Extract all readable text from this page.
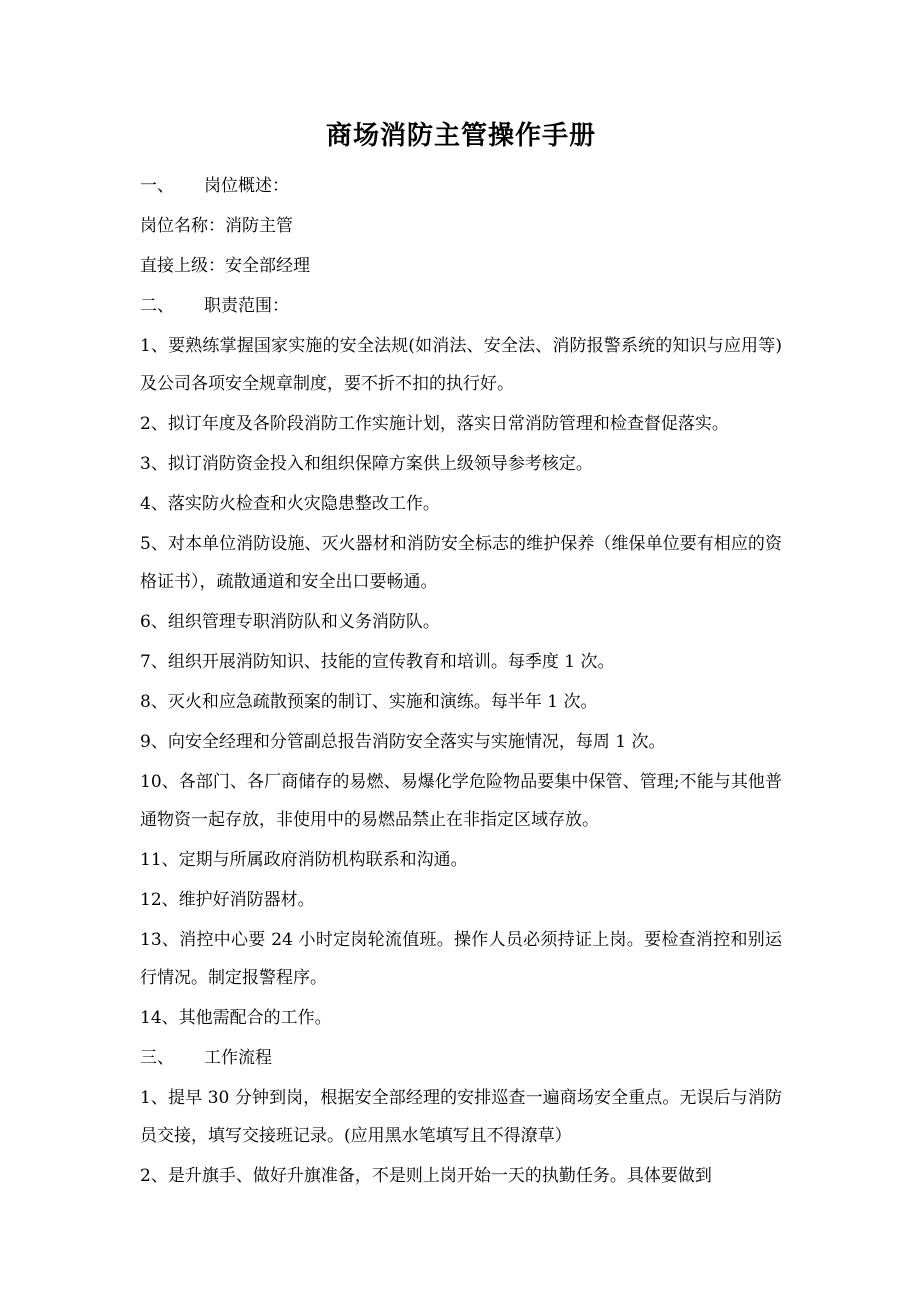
商场消防主管操作手册
一、 岗位概述：
岗位名称：消防主管
直接上级：安全部经理
二、 职责范围：

1、要熟练掌握国家实施的安全法规(如消法、安全法、消防报警系统的知识与应用等)及公司各项安全规章制度，要不折不扣的执行好。

2、拟订年度及各阶段消防工作实施计划，落实日常消防管理和检查督促落实。

3、拟订消防资金投入和组织保障方案供上级领导参考核定。

4、落实防火检查和火灾隐患整改工作。

5、对本单位消防设施、灭火器材和消防安全标志的维护保养（维保单位要有相应的资格证书），疏散通道和安全出口要畅通。

6、组织管理专职消防队和义务消防队。

7、组织开展消防知识、技能的宣传教育和培训。每季度 1 次。

8、灭火和应急疏散预案的制订、实施和演练。每半年 1 次。

9、向安全经理和分管副总报告消防安全落实与实施情况，每周 1 次。

10、各部门、各厂商储存的易燃、易爆化学危险物品要集中保管、管理;不能与其他普通物资一起存放，非使用中的易燃品禁止在非指定区域存放。

11、定期与所属政府消防机构联系和沟通。

12、维护好消防器材。

13、消控中心要 24 小时定岗轮流值班。操作人员必须持证上岗。要检查消控和别运行情况。制定报警程序。

14、其他需配合的工作。

三、 工作流程

1、提早 30 分钟到岗，根据安全部经理的安排巡查一遍商场安全重点。无误后与消防员交接，填写交接班记录。(应用黑水笔填写且不得潦草）

2、是升旗手、做好升旗准备，不是则上岗开始一天的执勤任务。具体要做到
